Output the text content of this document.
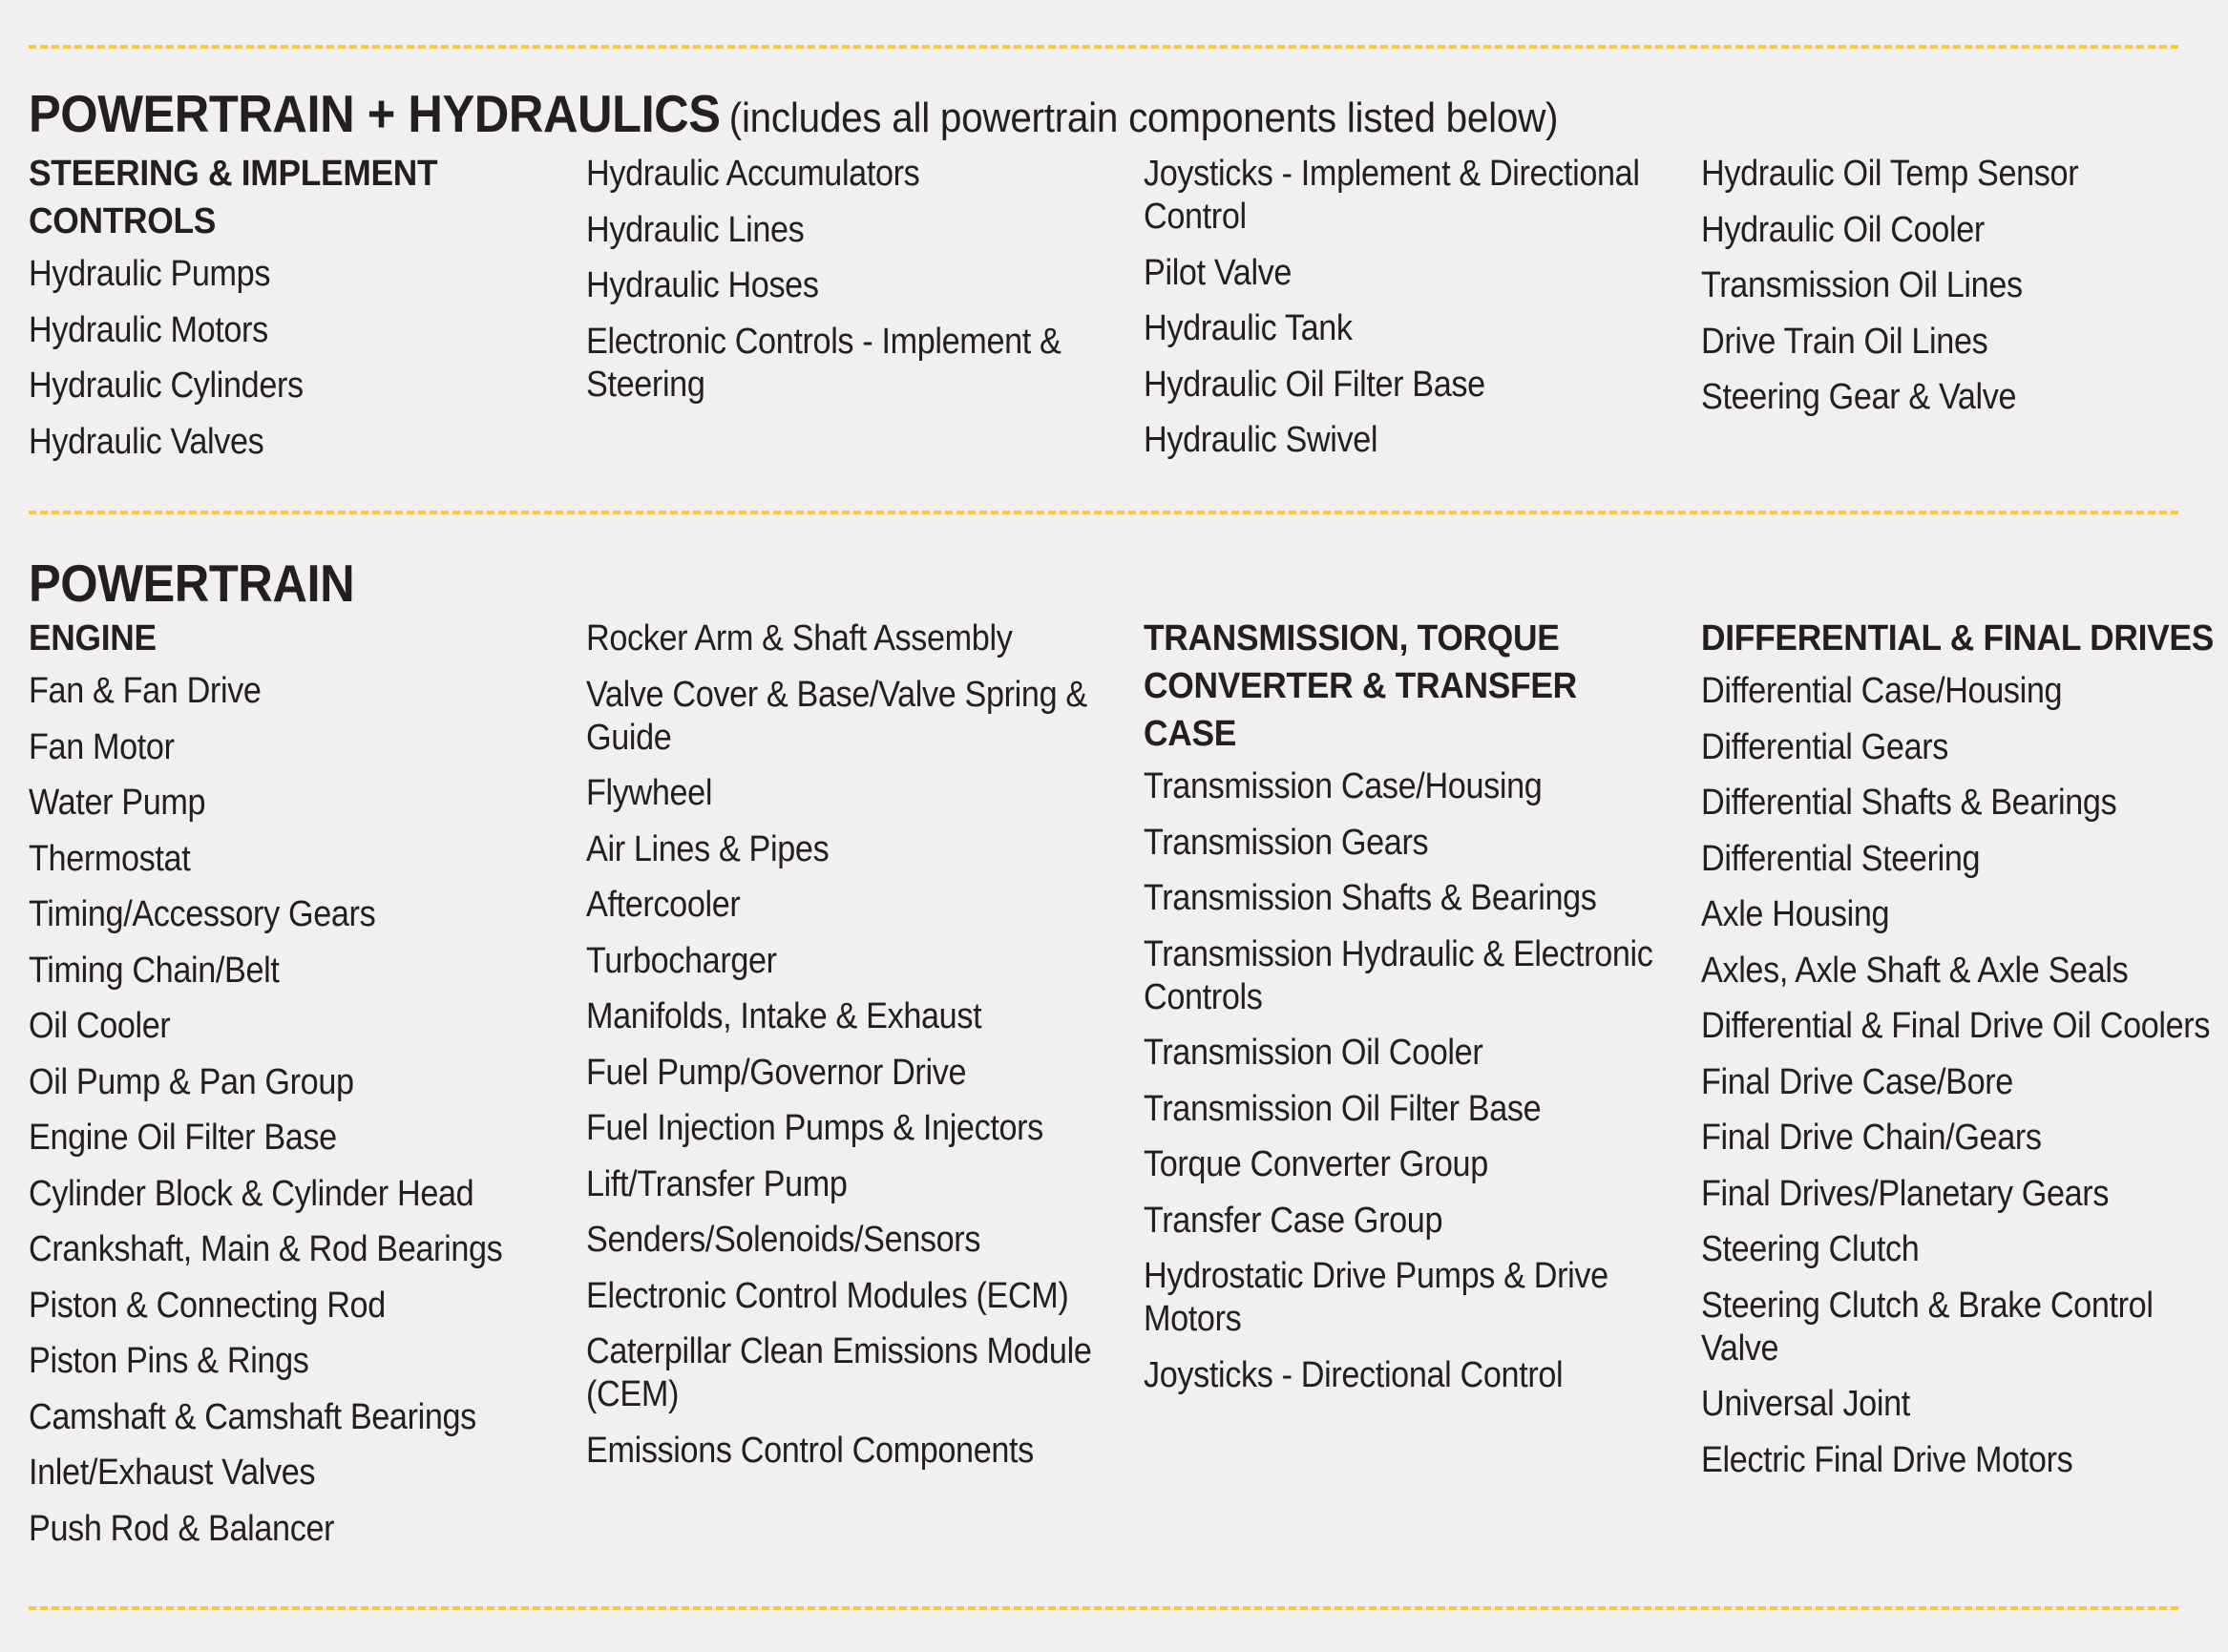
POWERTRAIN + HYDRAULICS (includes all powertrain components listed below)
STEERING & IMPLEMENT CONTROLS
Hydraulic Pumps
Hydraulic Motors
Hydraulic Cylinders
Hydraulic Valves
Hydraulic Accumulators
Hydraulic Lines
Hydraulic Hoses
Electronic Controls - Implement & Steering
Joysticks - Implement & Directional Control
Pilot Valve
Hydraulic Tank
Hydraulic Oil Filter Base
Hydraulic Swivel
Hydraulic Oil Temp Sensor
Hydraulic Oil Cooler
Transmission Oil Lines
Drive Train Oil Lines
Steering Gear & Valve
POWERTRAIN
ENGINE
Fan & Fan Drive
Fan Motor
Water Pump
Thermostat
Timing/Accessory Gears
Timing Chain/Belt
Oil Cooler
Oil Pump & Pan Group
Engine Oil Filter Base
Cylinder Block & Cylinder Head
Crankshaft, Main & Rod Bearings
Piston & Connecting Rod
Piston Pins & Rings
Camshaft & Camshaft Bearings
Inlet/Exhaust Valves
Push Rod & Balancer
Rocker Arm & Shaft Assembly
Valve Cover & Base/Valve Spring & Guide
Flywheel
Air Lines & Pipes
Aftercooler
Turbocharger
Manifolds, Intake & Exhaust
Fuel Pump/Governor Drive
Fuel Injection Pumps & Injectors
Lift/Transfer Pump
Senders/Solenoids/Sensors
Electronic Control Modules (ECM)
Caterpillar Clean Emissions Module (CEM)
Emissions Control Components
TRANSMISSION, TORQUE CONVERTER & TRANSFER CASE
Transmission Case/Housing
Transmission Gears
Transmission Shafts & Bearings
Transmission Hydraulic & Electronic Controls
Transmission Oil Cooler
Transmission Oil Filter Base
Torque Converter Group
Transfer Case Group
Hydrostatic Drive Pumps & Drive Motors
Joysticks - Directional Control
DIFFERENTIAL & FINAL DRIVES
Differential Case/Housing
Differential Gears
Differential Shafts & Bearings
Differential Steering
Axle Housing
Axles, Axle Shaft & Axle Seals
Differential & Final Drive Oil Coolers
Final Drive Case/Bore
Final Drive Chain/Gears
Final Drives/Planetary Gears
Steering Clutch
Steering Clutch & Brake Control Valve
Universal Joint
Electric Final Drive Motors
